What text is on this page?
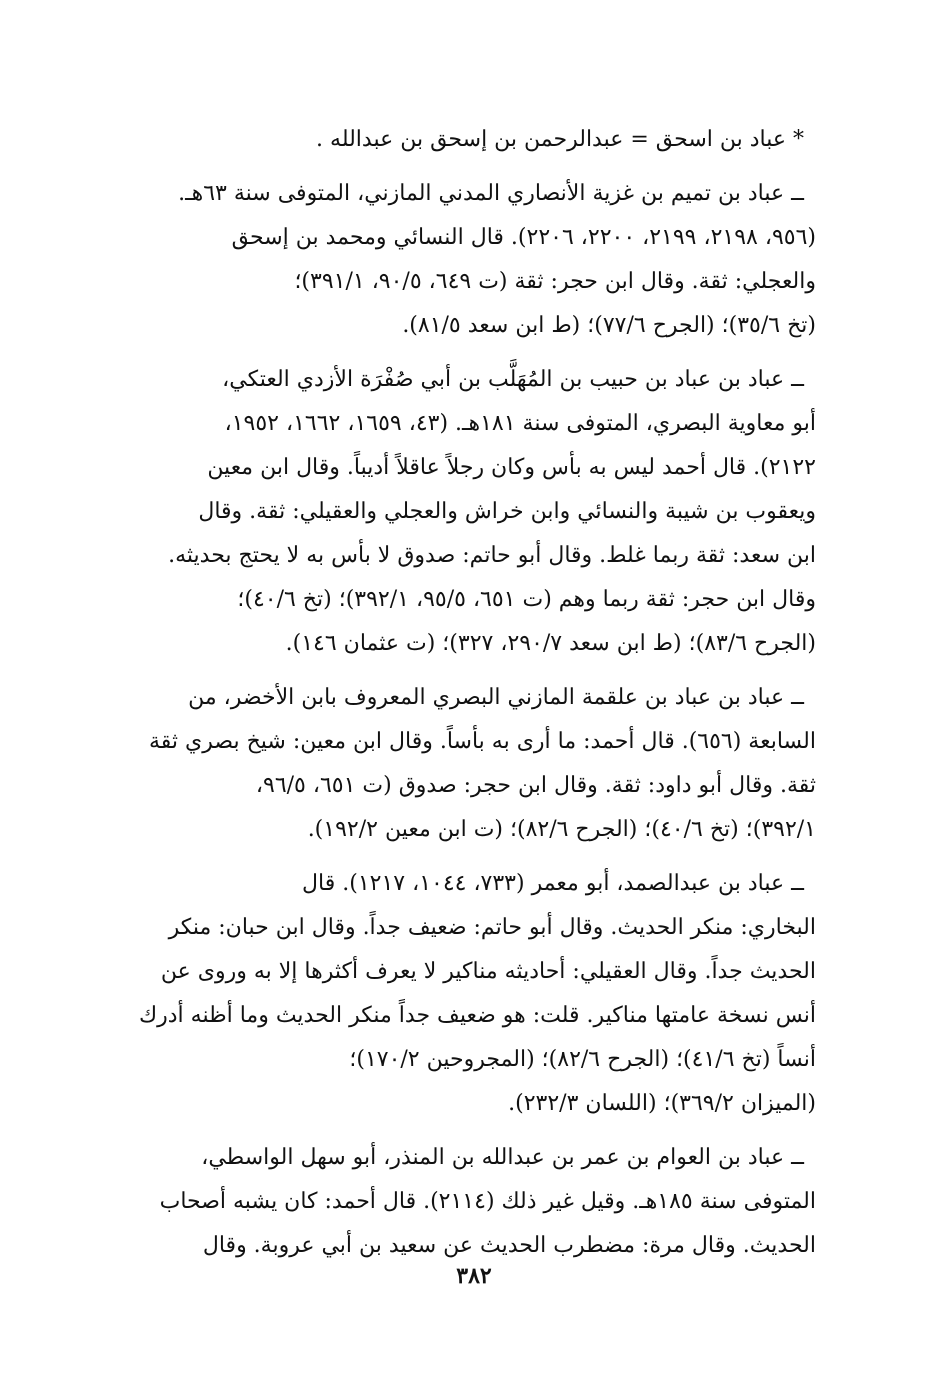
* عباد بن اسحق = عبدالرحمن بن إسحق بن عبدالله .
ــ عباد بن تميم بن غزية الأنصاري المدني المازني، المتوفى سنة ٦٣هـ.
(٩٥٦، ٢١٩٨، ٢١٩٩، ٢٢٠٠، ٢٢٠٦). قال النسائي ومحمد بن إسحق
والعجلي: ثقة. وقال ابن حجر: ثقة (ت ٦٤٩، ٩٠/٥، ٣٩١/١)؛
(تخ ٣٥/٦)؛ (الجرح ٧٧/٦)؛ (ط ابن سعد ٨١/٥).
ــ عباد بن عباد بن حبيب بن المُهَلَّب بن أبي صُفْرَة الأزدي العتكي،
أبو معاوية البصري، المتوفى سنة ١٨١هـ. (٤٣، ١٦٥٩، ١٦٦٢، ١٩٥٢،
٢١٢٢). قال أحمد ليس به بأس وكان رجلاً عاقلاً أديباً. وقال ابن معين
ويعقوب بن شيبة والنسائي وابن خراش والعجلي والعقيلي: ثقة. وقال
ابن سعد: ثقة ربما غلط. وقال أبو حاتم: صدوق لا بأس به لا يحتج بحديثه.
وقال ابن حجر: ثقة ربما وهم (ت ٦٥١، ٩٥/٥، ٣٩٢/١)؛ (تخ ٤٠/٦)؛
(الجرح ٨٣/٦)؛ (ط ابن سعد ٢٩٠/٧، ٣٢٧)؛ (ت عثمان ١٤٦).
ــ عباد بن عباد بن علقمة المازني البصري المعروف بابن الأخضر، من
السابعة (٦٥٦). قال أحمد: ما أرى به بأساً. وقال ابن معين: شيخ بصري ثقة
ثقة. وقال أبو داود: ثقة. وقال ابن حجر: صدوق (ت ٦٥١، ٩٦/٥،
٣٩٢/١)؛ (تخ ٤٠/٦)؛ (الجرح ٨٢/٦)؛ (ت ابن معين ١٩٢/٢).
ــ عباد بن عبدالصمد، أبو معمر (٧٣٣، ١٠٤٤، ١٢١٧). قال
البخاري: منكر الحديث. وقال أبو حاتم: ضعيف جداً. وقال ابن حبان: منكر
الحديث جداً. وقال العقيلي: أحاديثه مناكير لا يعرف أكثرها إلا به وروى عن
أنس نسخة عامتها مناكير. قلت: هو ضعيف جداً منكر الحديث وما أظنه أدرك
أنساً (تخ ٤١/٦)؛ (الجرح ٨٢/٦)؛ (المجروحين ١٧٠/٢)؛
(الميزان ٣٦٩/٢)؛ (اللسان ٢٣٢/٣).
ــ عباد بن العوام بن عمر بن عبدالله بن المنذر، أبو سهل الواسطي،
المتوفى سنة ١٨٥هـ. وقيل غير ذلك (٢١١٤). قال أحمد: كان يشبه أصحاب
الحديث. وقال مرة: مضطرب الحديث عن سعيد بن أبي عروبة. وقال
٣٨٢
